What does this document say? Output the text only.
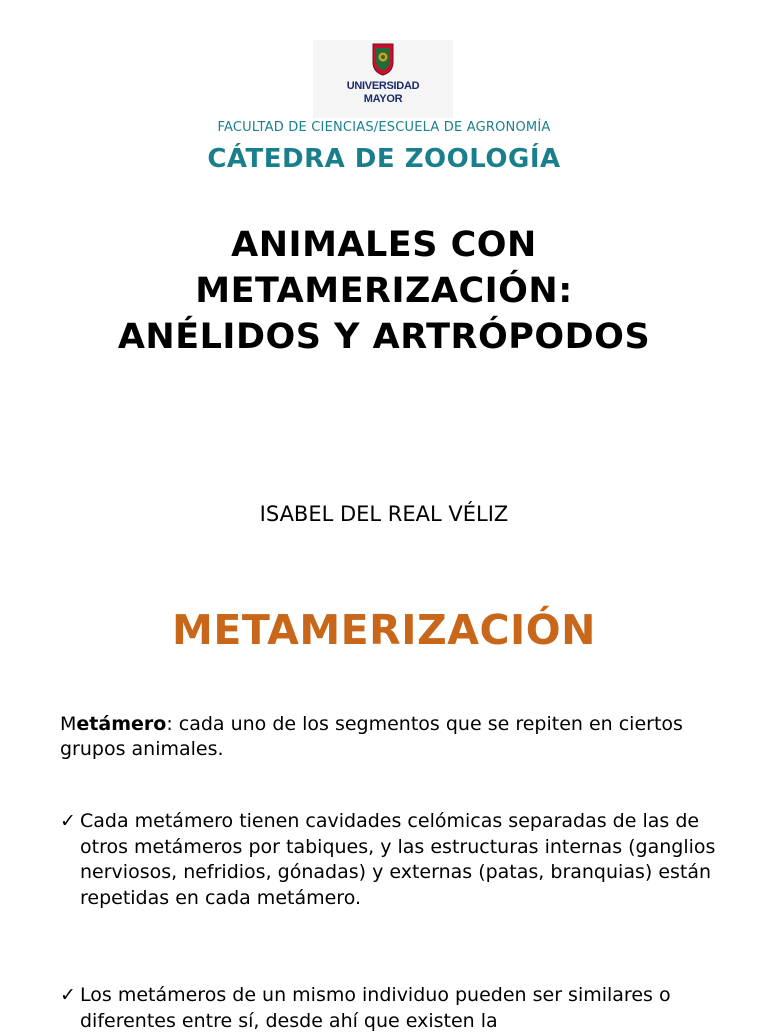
UNIVERSIDAD
MAYOR
FACULTAD DE CIENCIAS/ESCUELA DE AGRONOMÍA
CÁTEDRA DE ZOOLOGÍA
ANIMALES CON
METAMERIZACIÓN:
ANÉLIDOS Y ARTRÓPODOS
ISABEL DEL REAL VÉLIZ
METAMERIZACIÓN
Metámero: cada uno de los segmentos que se repiten en ciertos grupos animales.
✓ Cada metámero tienen cavidades celómicas separadas de las de otros metámeros por tabiques, y las estructuras internas (ganglios nerviosos, nefridios, gónadas) y externas (patas, branquias) están repetidas en cada metámero.
✓ Los metámeros de un mismo individuo pueden ser similares o diferentes entre sí, desde ahí que existen la
